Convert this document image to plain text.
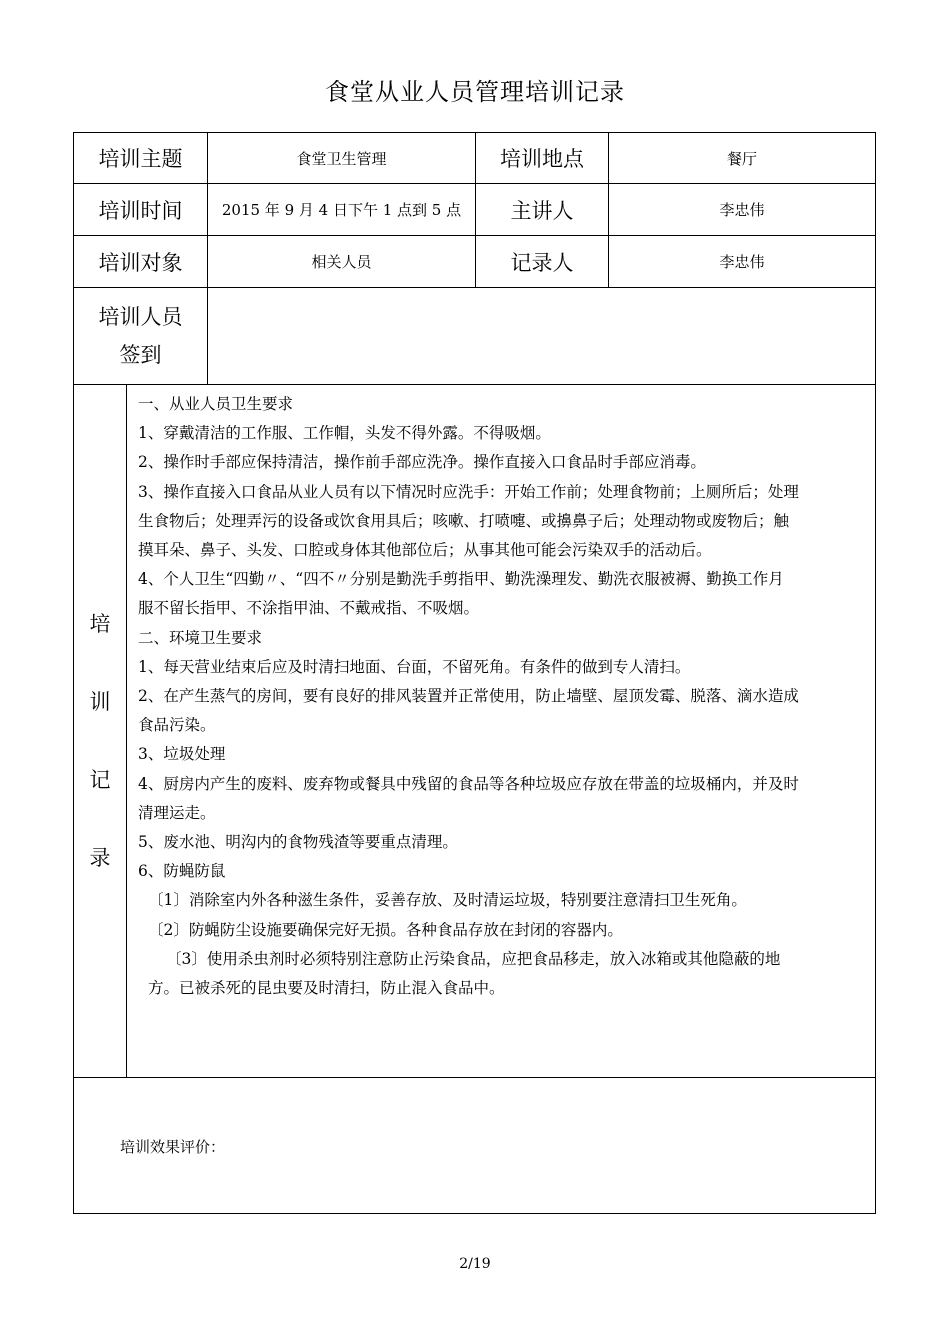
食堂从业人员管理培训记录
培训主题	食堂卫生管理	培训地点	餐厅
培训时间	2015 年 9 月 4 日下午 1 点到 5 点	主讲人	李忠伟
培训对象	相关人员	记录人	李忠伟
培训人员
签到
培
训
记
录

一、从业人员卫生要求

1、穿戴清洁的工作服、工作帽，头发不得外露。不得吸烟。

2、操作时手部应保持清洁，操作前手部应洗净。操作直接入口食品时手部应消毒。

3、操作直接入口食品从业人员有以下情况时应洗手：开始工作前；处理食物前；上厕所后；处理

生食物后；处理弄污的设备或饮食用具后；咳嗽、打喷嚏、或擤鼻子后；处理动物或废物后；触

摸耳朵、鼻子、头发、口腔或身体其他部位后；从事其他可能会污染双手的活动后。

4、个人卫生“四勤〃、“四不〃分别是勤洗手剪指甲、勤洗澡理发、勤洗衣服被褥、勤换工作月

服不留长指甲、不涂指甲油、不戴戒指、不吸烟。

二、环境卫生要求

1、每天营业结束后应及时清扫地面、台面，不留死角。有条件的做到专人清扫。

2、在产生蒸气的房间，要有良好的排风装置并正常使用，防止墙壁、屋顶发霉、脱落、滴水造成

食品污染。

3、垃圾处理

4、厨房内产生的废料、废弃物或餐具中残留的食品等各种垃圾应存放在带盖的垃圾桶内，并及时

清理运走。

5、废水池、明沟内的食物残渣等要重点清理。

6、防蝇防鼠

〔1〕消除室内外各种滋生条件，妥善存放、及时清运垃圾，特别要注意清扫卫生死角。

〔2〕防蝇防尘设施要确保完好无损。各种食品存放在封闭的容器内。

〔3〕使用杀虫剂时必须特别注意防止污染食品，应把食品移走，放入冰箱或其他隐蔽的地

方。已被杀死的昆虫要及时清扫，防止混入食品中。

培训效果评价：
2/19
